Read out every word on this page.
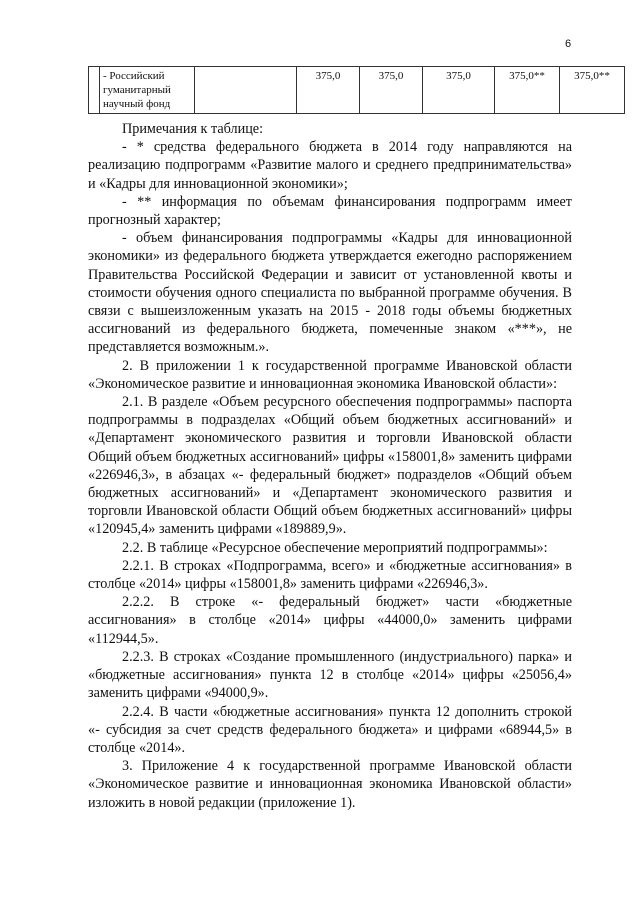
6
	- Российский
гуманитарный
научный фонд		375,0	375,0	375,0	375,0**	375,0**

Примечания к таблице:

- * средства федерального бюджета в 2014 году направляются на реализацию подпрограмм «Развитие малого и среднего предпринимательства» и «Кадры для инновационной экономики»;

- ** информация по объемам финансирования подпрограмм имеет прогнозный характер;

- объем финансирования подпрограммы «Кадры для инновационной экономики» из федерального бюджета утверждается ежегодно распоряжением Правительства Российской Федерации и зависит от установленной квоты и стоимости обучения одного специалиста по выбранной программе обучения. В связи с вышеизложенным указать на 2015 - 2018 годы объемы бюджетных ассигнований из федерального бюджета, помеченные знаком «***», не представляется возможным.».

2. В приложении 1 к государственной программе Ивановской области «Экономическое развитие и инновационная экономика Ивановской области»:

2.1. В разделе «Объем ресурсного обеспечения подпрограммы» паспорта подпрограммы в подразделах «Общий объем бюджетных ассигнований» и «Департамент экономического развития и торговли Ивановской области Общий объем бюджетных ассигнований» цифры «158001,8» заменить цифрами «226946,3», в абзацах «- федеральный бюджет» подразделов «Общий объем бюджетных ассигнований» и «Департамент экономического развития и торговли Ивановской области Общий объем бюджетных ассигнований» цифры «120945,4» заменить цифрами «189889,9».

2.2. В таблице «Ресурсное обеспечение мероприятий подпрограммы»:

2.2.1. В строках «Подпрограмма, всего» и «бюджетные ассигнования» в столбце «2014» цифры «158001,8» заменить цифрами «226946,3».

2.2.2. В строке «- федеральный бюджет» части «бюджетные ассигнования» в столбце «2014» цифры «44000,0» заменить цифрами «112944,5».

2.2.3. В строках «Создание промышленного (индустриального) парка» и «бюджетные ассигнования» пункта 12 в столбце «2014» цифры «25056,4» заменить цифрами «94000,9».

2.2.4. В части «бюджетные ассигнования» пункта 12 дополнить строкой «- субсидия за счет средств федерального бюджета» и цифрами «68944,5» в столбце «2014».

3. Приложение 4 к государственной программе Ивановской области «Экономическое развитие и инновационная экономика Ивановской области» изложить в новой редакции (приложение 1).
